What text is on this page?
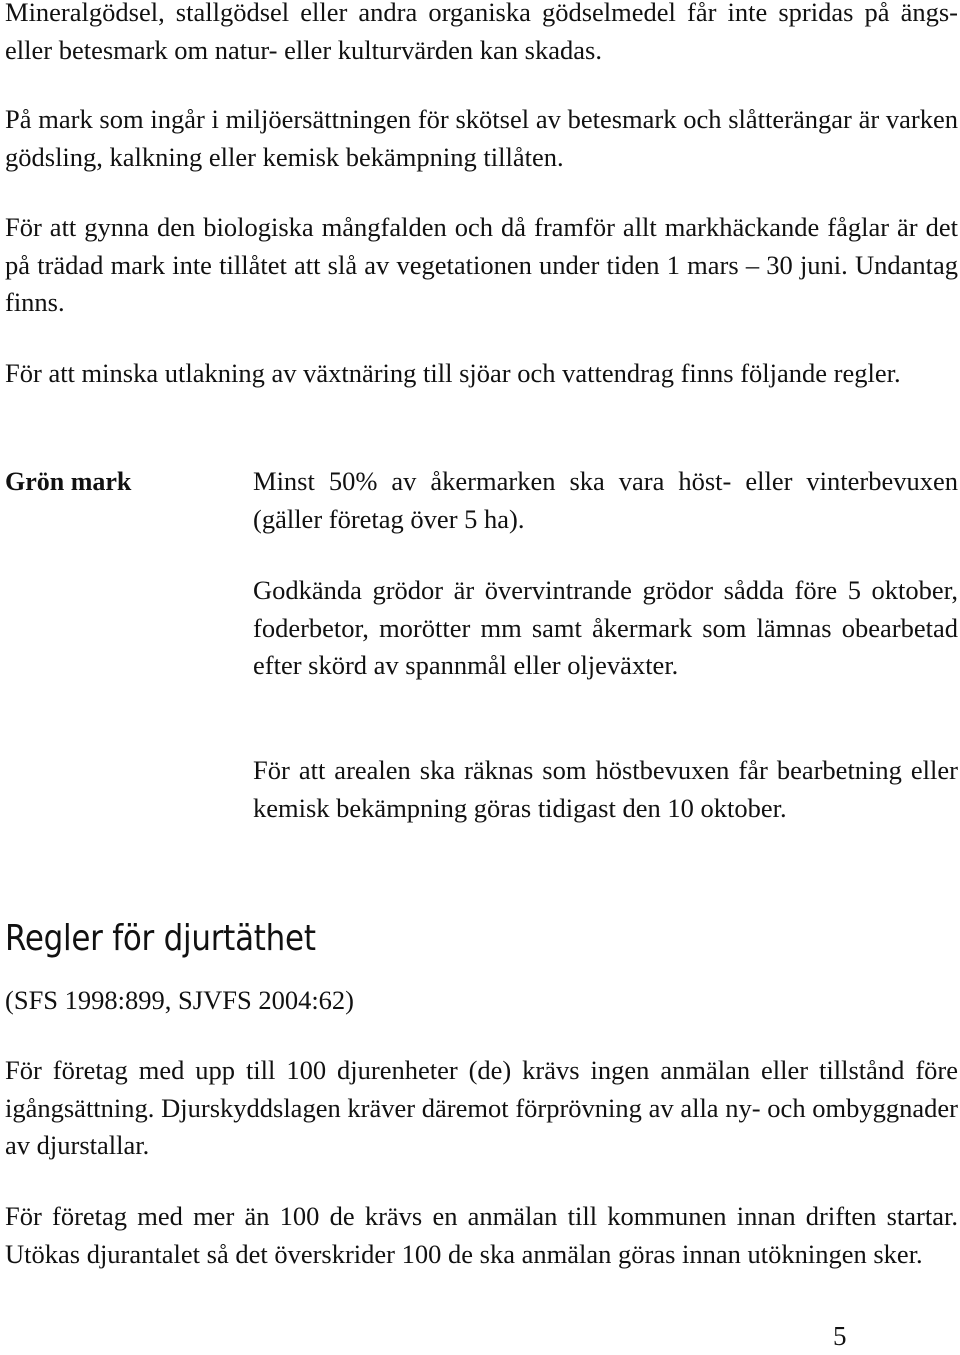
Mineralgödsel, stallgödsel eller andra organiska gödselmedel får inte spridas på ängs- eller betesmark om natur- eller kulturvärden kan skadas.

På mark som ingår i miljöersättningen för skötsel av betesmark och slåtterängar är varken gödsling, kalkning eller kemisk bekämpning tillåten.

För att gynna den biologiska mångfalden och då framför allt markhäckande fåglar är det på trädad mark inte tillåtet att slå av vegetationen under tiden 1 mars – 30 juni. Undantag finns.

För att minska utlakning av växtnäring till sjöar och vattendrag finns följande regler.

Grön mark	Minst 50% av åkermarken ska vara höst- eller vinterbevuxen (gäller företag över 5 ha).

Godkända grödor är övervintrande grödor sådda före 5 oktober, foderbetor, morötter mm samt åkermark som lämnas obearbetad efter skörd av spannmål eller oljeväxter.

För att arealen ska räknas som höstbevuxen får bearbetning eller kemisk bekämpning göras tidigast den 10 oktober.

Regler för djurtäthet

(SFS 1998:899, SJVFS 2004:62)

För företag med upp till 100 djurenheter (de) krävs ingen anmälan eller tillstånd före igångsättning. Djurskyddslagen kräver däremot förprövning av alla ny- och ombyggnader av djurstallar.

För företag med mer än 100 de krävs en anmälan till kommunen innan driften startar. Utökas djurantalet så det överskrider 100 de ska anmälan göras innan utökningen sker.

5
